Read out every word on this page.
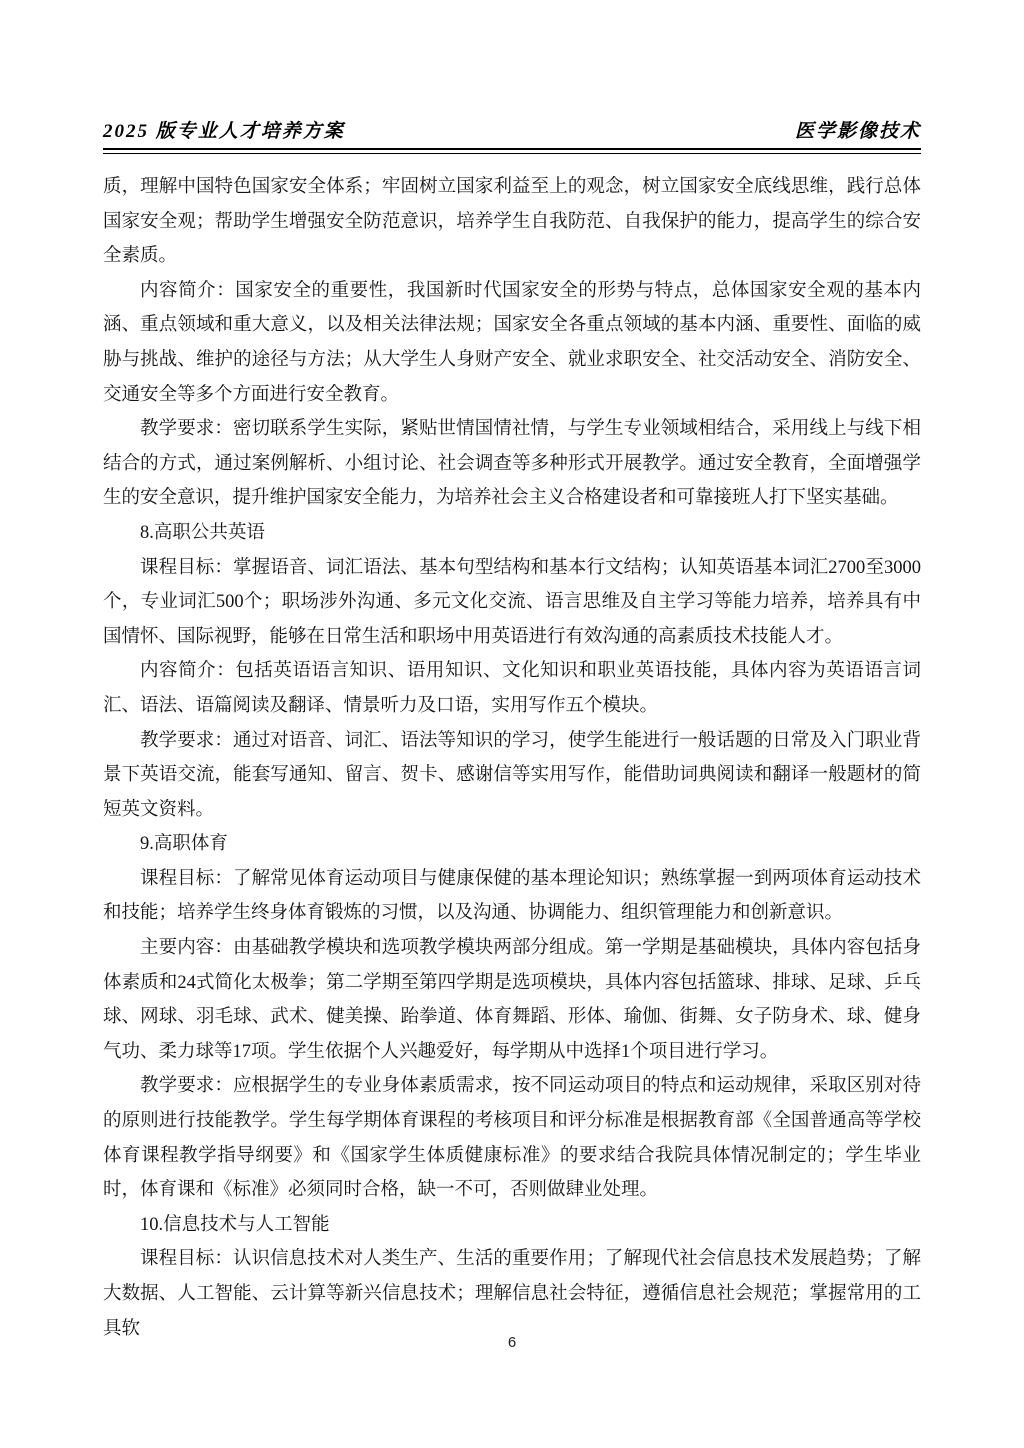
2025 版专业人才培养方案	医学影像技术

质，理解中国特色国家安全体系；牢固树立国家利益至上的观念，树立国家安全底线思维，践行总体国家安全观；帮助学生增强安全防范意识，培养学生自我防范、自我保护的能力，提高学生的综合安全素质。

内容简介：国家安全的重要性，我国新时代国家安全的形势与特点，总体国家安全观的基本内涵、重点领域和重大意义，以及相关法律法规；国家安全各重点领域的基本内涵、重要性、面临的威胁与挑战、维护的途径与方法；从大学生人身财产安全、就业求职安全、社交活动安全、消防安全、交通安全等多个方面进行安全教育。

教学要求：密切联系学生实际，紧贴世情国情社情，与学生专业领域相结合，采用线上与线下相结合的方式，通过案例解析、小组讨论、社会调查等多种形式开展教学。通过安全教育，全面增强学生的安全意识，提升维护国家安全能力，为培养社会主义合格建设者和可靠接班人打下坚实基础。

8.高职公共英语

课程目标：掌握语音、词汇语法、基本句型结构和基本行文结构；认知英语基本词汇2700至3000个，专业词汇500个；职场涉外沟通、多元文化交流、语言思维及自主学习等能力培养，培养具有中国情怀、国际视野，能够在日常生活和职场中用英语进行有效沟通的高素质技术技能人才。

内容简介：包括英语语言知识、语用知识、文化知识和职业英语技能，具体内容为英语语言词汇、语法、语篇阅读及翻译、情景听力及口语，实用写作五个模块。

教学要求：通过对语音、词汇、语法等知识的学习，使学生能进行一般话题的日常及入门职业背景下英语交流，能套写通知、留言、贺卡、感谢信等实用写作，能借助词典阅读和翻译一般题材的简短英文资料。

9.高职体育

课程目标：了解常见体育运动项目与健康保健的基本理论知识；熟练掌握一到两项体育运动技术和技能；培养学生终身体育锻炼的习惯，以及沟通、协调能力、组织管理能力和创新意识。

主要内容：由基础教学模块和选项教学模块两部分组成。第一学期是基础模块，具体内容包括身体素质和24式简化太极拳；第二学期至第四学期是选项模块，具体内容包括篮球、排球、足球、乒乓球、网球、羽毛球、武术、健美操、跆拳道、体育舞蹈、形体、瑜伽、街舞、女子防身术、球、健身气功、柔力球等17项。学生依据个人兴趣爱好，每学期从中选择1个项目进行学习。

教学要求：应根据学生的专业身体素质需求，按不同运动项目的特点和运动规律，采取区别对待的原则进行技能教学。学生每学期体育课程的考核项目和评分标准是根据教育部《全国普通高等学校体育课程教学指导纲要》和《国家学生体质健康标准》的要求结合我院具体情况制定的；学生毕业时，体育课和《标准》必须同时合格，缺一不可，否则做肆业处理。

10.信息技术与人工智能

课程目标：认识信息技术对人类生产、生活的重要作用；了解现代社会信息技术发展趋势；了解大数据、人工智能、云计算等新兴信息技术；理解信息社会特征，遵循信息社会规范；掌握常用的工具软

6
